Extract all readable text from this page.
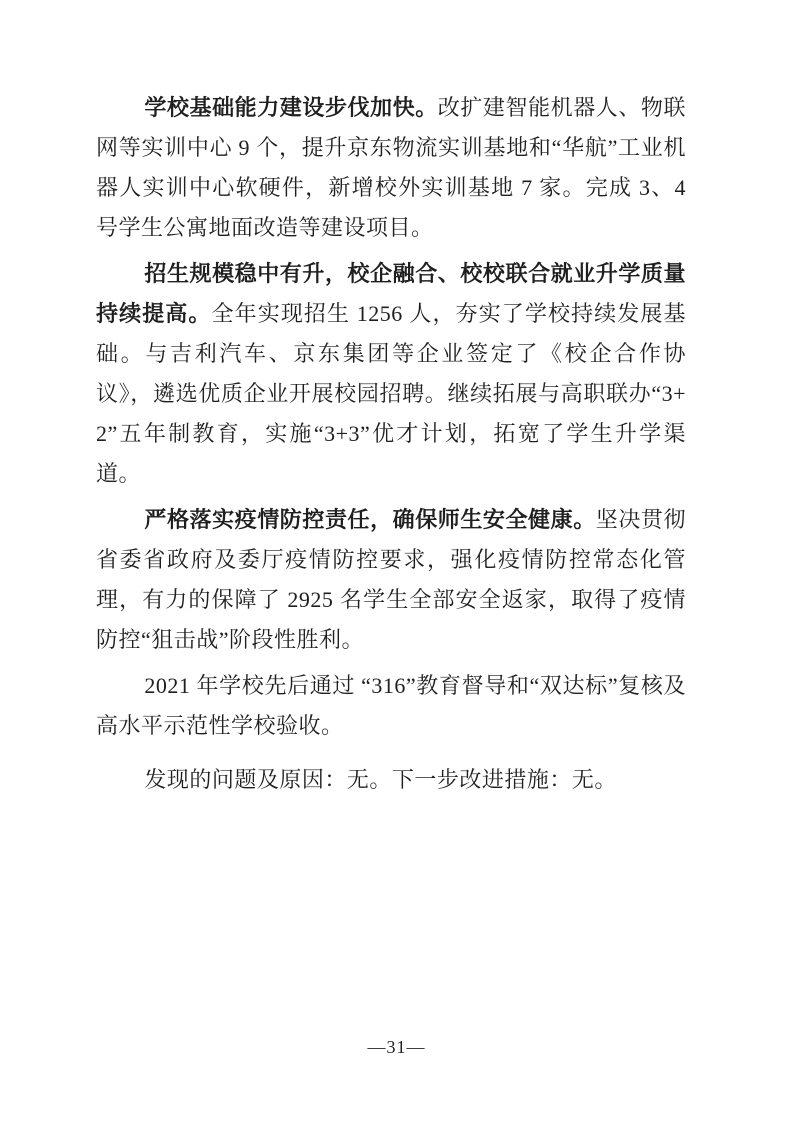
学校基础能力建设步伐加快。改扩建智能机器人、物联网等实训中心 9 个，提升京东物流实训基地和“华航”工业机器人实训中心软硬件，新增校外实训基地 7 家。完成 3、4 号学生公寓地面改造等建设项目。

招生规模稳中有升，校企融合、校校联合就业升学质量持续提高。全年实现招生 1256 人，夯实了学校持续发展基础。与吉利汽车、京东集团等企业签定了《校企合作协议》，遴选优质企业开展校园招聘。继续拓展与高职联办“3+2”五年制教育，实施“3+3”优才计划，拓宽了学生升学渠道。

严格落实疫情防控责任，确保师生安全健康。坚决贯彻省委省政府及委厅疫情防控要求，强化疫情防控常态化管理，有力的保障了 2925 名学生全部安全返家，取得了疫情防控“狙击战”阶段性胜利。

2021 年学校先后通过 “316”教育督导和“双达标”复核及高水平示范性学校验收。

发现的问题及原因：无。下一步改进措施：无。

—31—
